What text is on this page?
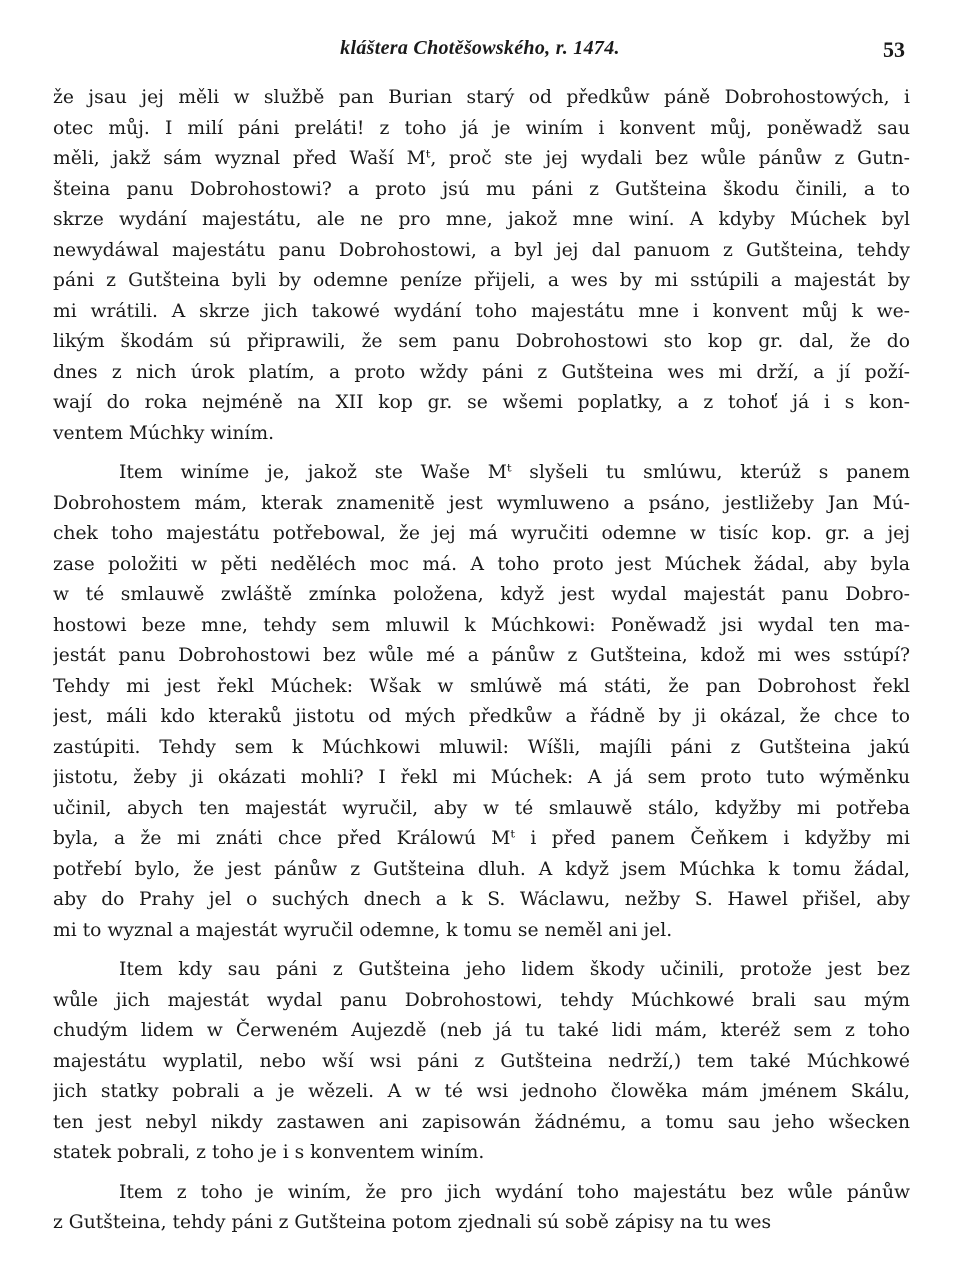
kláštera Chotěšowského, r. 1474.	53
že jsau jej měli w službě pan Burian starý od předkůw páně Dobrohostowých, i
otec můj. I milí páni preláti! z toho já je winím i konvent můj, poněwadž sau
měli, jakž sám wyznal před Waší Mᵗ, proč ste jej wydali bez wůle pánůw z Gutn-
šteina panu Dobrohostowi? a proto jsú mu páni z Gutšteina škodu činili, a to
skrze wydání majestátu, ale ne pro mne, jakož mne winí. A kdyby Múchek byl
newydáwal majestátu panu Dobrohostowi, a byl jej dal panuom z Gutšteina, tehdy
páni z Gutšteina byli by odemne peníze přijeli, a wes by mi sstúpili a majestát by
mi wrátili. A skrze jich takowé wydání toho majestátu mne i konvent můj k we-
likým škodám sú připrawili, že sem panu Dobrohostowi sto kop gr. dal, že do
dnes z nich úrok platím, a proto wždy páni z Gutšteina wes mi drží, a jí poží-
wají do roka nejméně na XII kop gr. se wšemi poplatky, a z tohoť já i s kon-
ventem Múchky winím.
Item winíme je, jakož ste Waše Mᵗ slyšeli tu smlúwu, kterúž s panem
Dobrohostem mám, kterak znamenitě jest wymluweno a psáno, jestližeby Jan Mú-
chek toho majestátu potřebowal, že jej má wyručiti odemne w tisíc kop. gr. a jej
zase položiti w pěti neděléch moc má. A toho proto jest Múchek žádal, aby byla
w té smlauwě zwláště zmínka položena, když jest wydal majestát panu Dobro-
hostowi beze mne, tehdy sem mluwil k Múchkowi: Poněwadž jsi wydal ten ma-
jestát panu Dobrohostowi bez wůle mé a pánůw z Gutšteina, kdož mi wes sstúpí?
Tehdy mi jest řekl Múchek: Wšak w smlúwě má státi, že pan Dobrohost řekl
jest, máli kdo kteraků jistotu od mých předkůw a řádně by ji okázal, že chce to
zastúpiti. Tehdy sem k Múchkowi mluwil: Wíšli, majíli páni z Gutšteina jakú
jistotu, žeby ji okázati mohli? I řekl mi Múchek: A já sem proto tuto wýměnku
učinil, abych ten majestát wyručil, aby w té smlauwě stálo, kdyžby mi potřeba
byla, a že mi znáti chce před Králowú Mᵗ i před panem Čeňkem i kdyžby mi
potřebí bylo, že jest pánůw z Gutšteina dluh. A když jsem Múchka k tomu žádal,
aby do Prahy jel o suchých dnech a k S. Wáclawu, nežby S. Hawel přišel, aby
mi to wyznal a majestát wyručil odemne, k tomu se neměl ani jel.
Item kdy sau páni z Gutšteina jeho lidem škody učinili, protože jest bez
wůle jich majestát wydal panu Dobrohostowi, tehdy Múchkowé brali sau mým
chudým lidem w Čerweném Aujezdě (neb já tu také lidi mám, kteréž sem z toho
majestátu wyplatil, nebo wší wsi páni z Gutšteina nedrží,) tem také Múchkowé
jich statky pobrali a je wězeli. A w té wsi jednoho člowěka mám jménem Skálu,
ten jest nebyl nikdy zastawen ani zapisowán žádnému, a tomu sau jeho wšecken
statek pobrali, z toho je i s konventem winím.
Item z toho je winím, že pro jich wydání toho majestátu bez wůle pánůw
z Gutšteina, tehdy páni z Gutšteina potom zjednali sú sobě zápisy na tu wes
